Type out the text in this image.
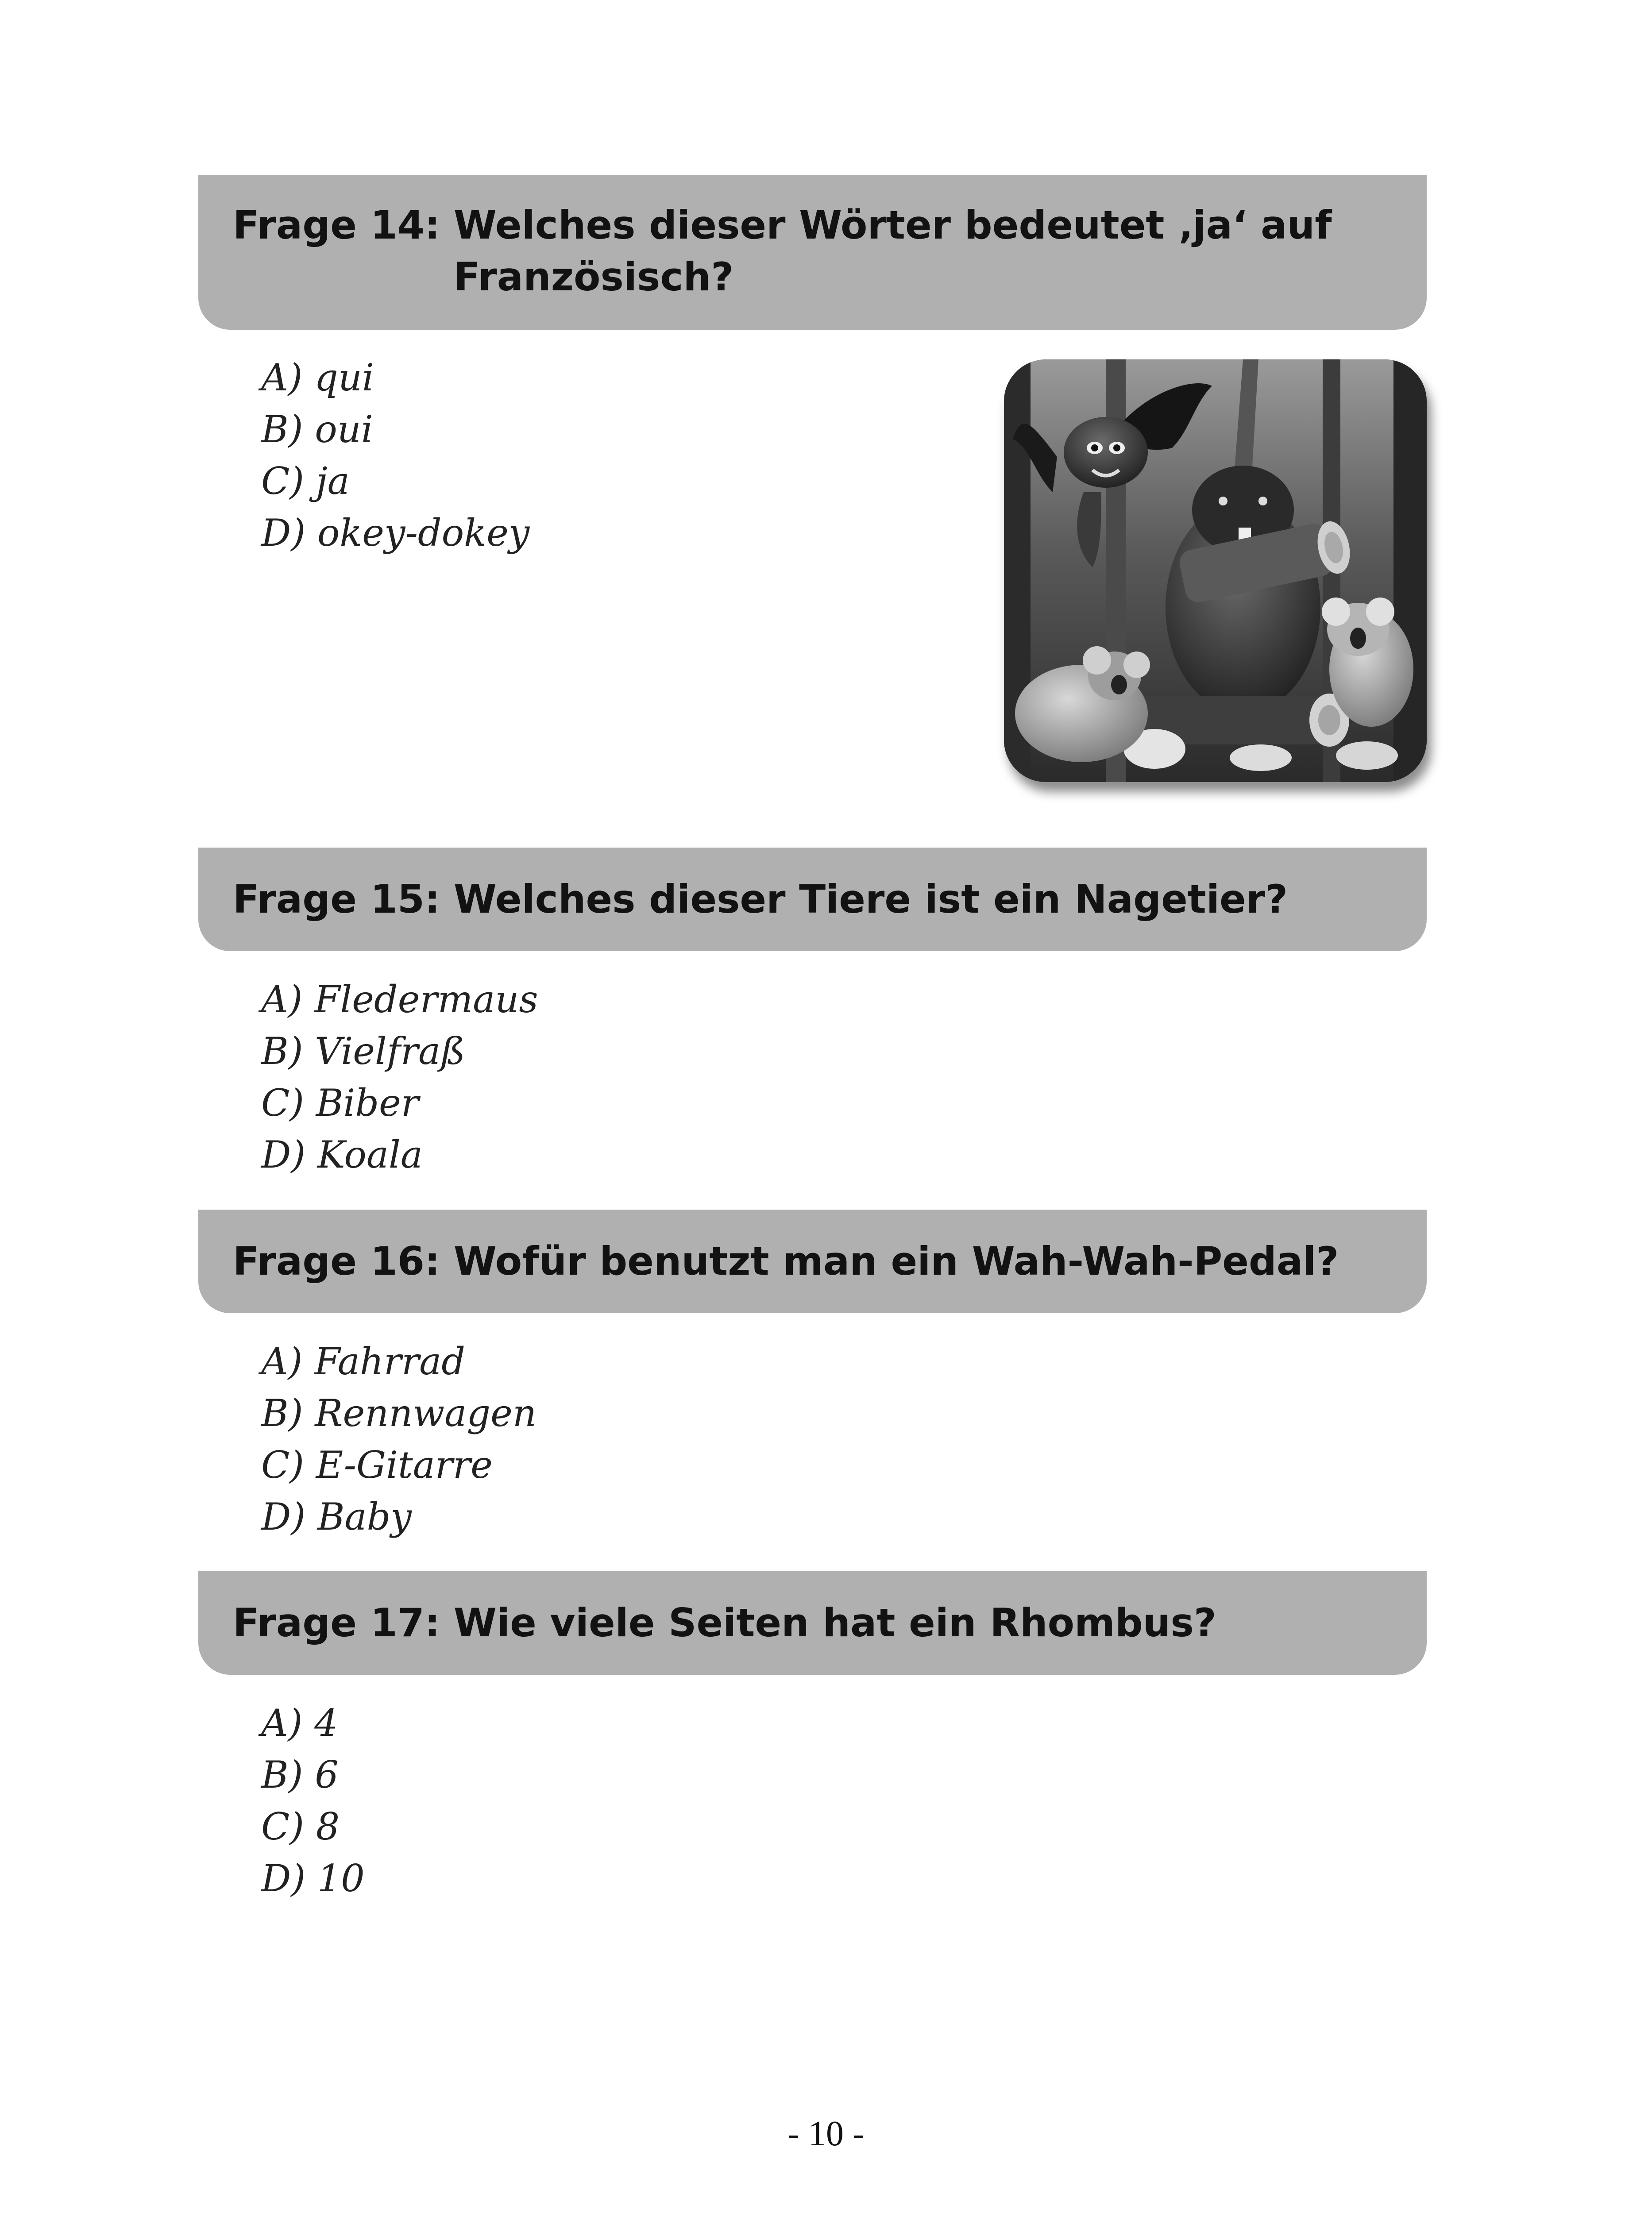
Frage 14: Welches dieser Wörter bedeutet ‚ja‘ auf
Französisch?
A) qui
B) oui
C) ja
D) okey-dokey
Frage 15: Welches dieser Tiere ist ein Nagetier?
A) Fledermaus
B) Vielfraß
C) Biber
D) Koala
Frage 16: Wofür benutzt man ein Wah-Wah-Pedal?
A) Fahrrad
B) Rennwagen
C) E-Gitarre
D) Baby
Frage 17: Wie viele Seiten hat ein Rhombus?
A) 4
B) 6
C) 8
D) 10
- 10 -
